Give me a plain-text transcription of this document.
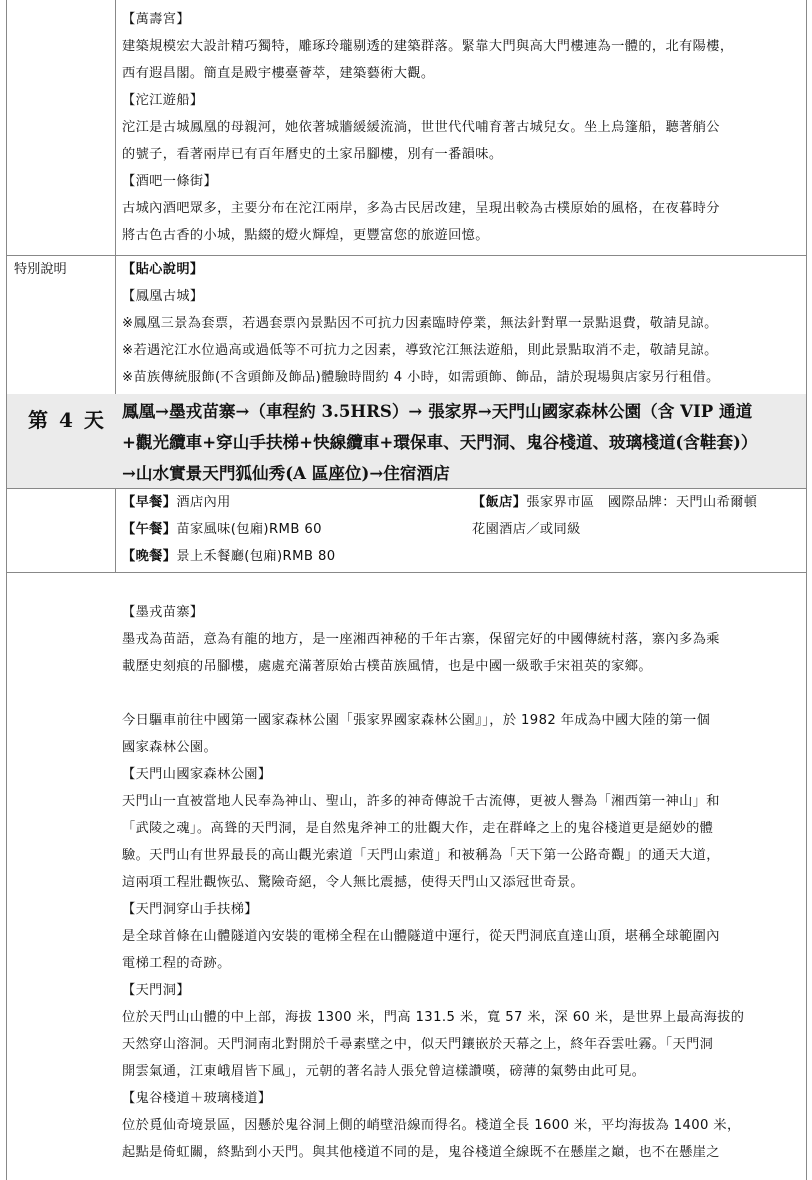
【萬壽宮】
建築規模宏大設計精巧獨特，雕琢玲瓏剔透的建築群落。緊靠大門與高大門樓連為一體的，北有陽樓，
西有遐昌閣。簡直是殿宇樓臺薈萃，建築藝術大觀。
【沱江遊船】
沱江是古城鳳凰的母親河，她依著城牆緩緩流淌，世世代代哺育著古城兒女。坐上烏篷船，聽著艄公
的號子，看著兩岸已有百年曆史的土家吊腳樓，別有一番韻味。
【酒吧一條街】
古城內酒吧眾多，主要分布在沱江兩岸，多為古民居改建，呈現出較為古樸原始的風格，在夜暮時分
將古色古香的小城，點綴的燈火輝煌，更豐富您的旅遊回憶。
特別說明	【貼心說明】
【鳳凰古城】
※鳳凰三景為套票，若遇套票內景點因不可抗力因素臨時停業，無法針對單一景點退費，敬請見諒。
※若遇沱江水位過高或過低等不可抗力之因素，導致沱江無法遊船，則此景點取消不走，敬請見諒。
※苗族傳統服飾(不含頭飾及飾品)體驗時間約 4 小時，如需頭飾、飾品，請於現場與店家另行租借。
第 4 天 鳳凰→墨戎苗寨→（車程約 3.5HRS）→ 張家界→天門山國家森林公園（含 VIP 通道
+觀光纜車+穿山手扶梯+快線纜車+環保車、天門洞、鬼谷棧道、玻璃棧道(含鞋套)）
→山水實景天門狐仙秀(A 區座位)→住宿酒店
【早餐】酒店內用
【午餐】苗家風味(包廂)RMB 60
【晚餐】景上禾餐廳(包廂)RMB 80
【飯店】張家界市區　國際品牌：天門山希爾頓
花園酒店／或同級
【墨戎苗寨】
墨戎為苗語，意為有龍的地方，是一座湘西神秘的千年古寨，保留完好的中國傳統村落，寨內多為乘
載歷史刻痕的吊腳樓，處處充滿著原始古樸苗族風情，也是中國一級歌手宋祖英的家鄉。

今日驅車前往中國第一國家森林公園「張家界國家森林公園』」，於 1982 年成為中國大陸的第一個
國家森林公園。
【天門山國家森林公園】
天門山一直被當地人民奉為神山、聖山，許多的神奇傳說千古流傳，更被人譽為「湘西第一神山」和
「武陵之魂」。高聳的天門洞，是自然鬼斧神工的壯觀大作，走在群峰之上的鬼谷棧道更是絕妙的體
驗。天門山有世界最長的高山觀光索道「天門山索道」和被稱為「天下第一公路奇觀」的通天大道，
這兩項工程壯觀恢弘、驚險奇絕，令人無比震撼，使得天門山又添冠世奇景。
【天門洞穿山手扶梯】
是全球首條在山體隧道內安裝的電梯全程在山體隧道中運行，從天門洞底直達山頂，堪稱全球範圍內
電梯工程的奇跡。
【天門洞】
位於天門山山體的中上部，海拔 1300 米，門高 131.5 米，寬 57 米，深 60 米，是世界上最高海拔的
天然穿山溶洞。天門洞南北對開於千尋素壁之中，似天門鑲嵌於天幕之上，終年吞雲吐霧。「天門洞
開雲氣通，江東峨眉皆下風」，元朝的著名詩人張兌曾這樣讚嘆，磅薄的氣勢由此可見。
【鬼谷棧道＋玻璃棧道】
位於覓仙奇境景區，因懸於鬼谷洞上側的峭壁沿線而得名。棧道全長 1600 米，平均海拔為 1400 米，
起點是倚虹關，終點到小天門。與其他棧道不同的是，鬼谷棧道全線既不在懸崖之巔，也不在懸崖之
